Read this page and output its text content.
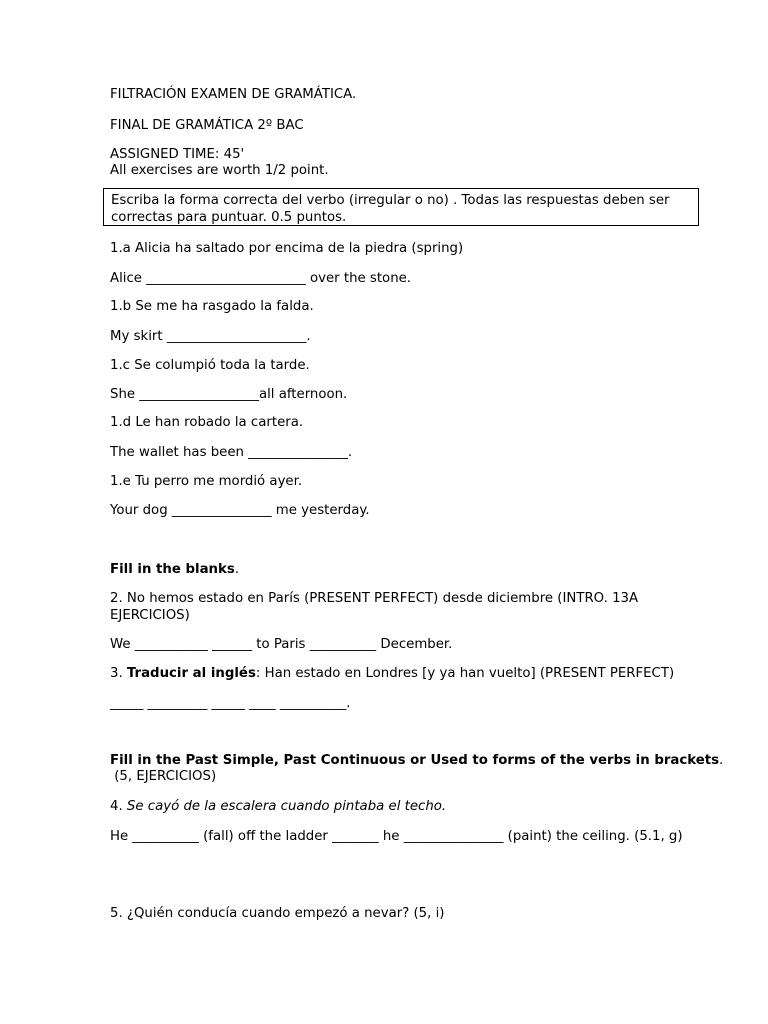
FILTRACIÓN EXAMEN DE GRAMÁTICA.
FINAL DE GRAMÁTICA 2º BAC
ASSIGNED TIME: 45'
All exercises are worth 1/2 point.
Escriba la forma correcta del verbo (irregular o no) . Todas las respuestas deben ser correctas para puntuar. 0.5 puntos.
1.a Alicia ha saltado por encima de la piedra (spring)
Alice ________________________ over the stone.
1.b Se me ha rasgado la falda.
My skirt _____________________.
1.c Se columpió toda la tarde.
She __________________all afternoon.
1.d Le han robado la cartera.
The wallet has been _______________.
1.e Tu perro me mordió ayer.
Your dog _______________ me yesterday.
Fill in the blanks.
2. No hemos estado en París (PRESENT PERFECT) desde diciembre (INTRO. 13A EJERCICIOS)
We ___________ ______ to Paris __________ December.
3. Traducir al inglés: Han estado en Londres [y ya han vuelto] (PRESENT PERFECT)
_____ _________ _____ ____ __________.
Fill in the Past Simple, Past Continuous or Used to forms of the verbs in brackets.
(5, EJERCICIOS)
4. Se cayó de la escalera cuando pintaba el techo.
He __________ (fall) off the ladder _______ he _______________ (paint) the ceiling. (5.1, g)
5. ¿Quién conducía cuando empezó a nevar? (5, i)
